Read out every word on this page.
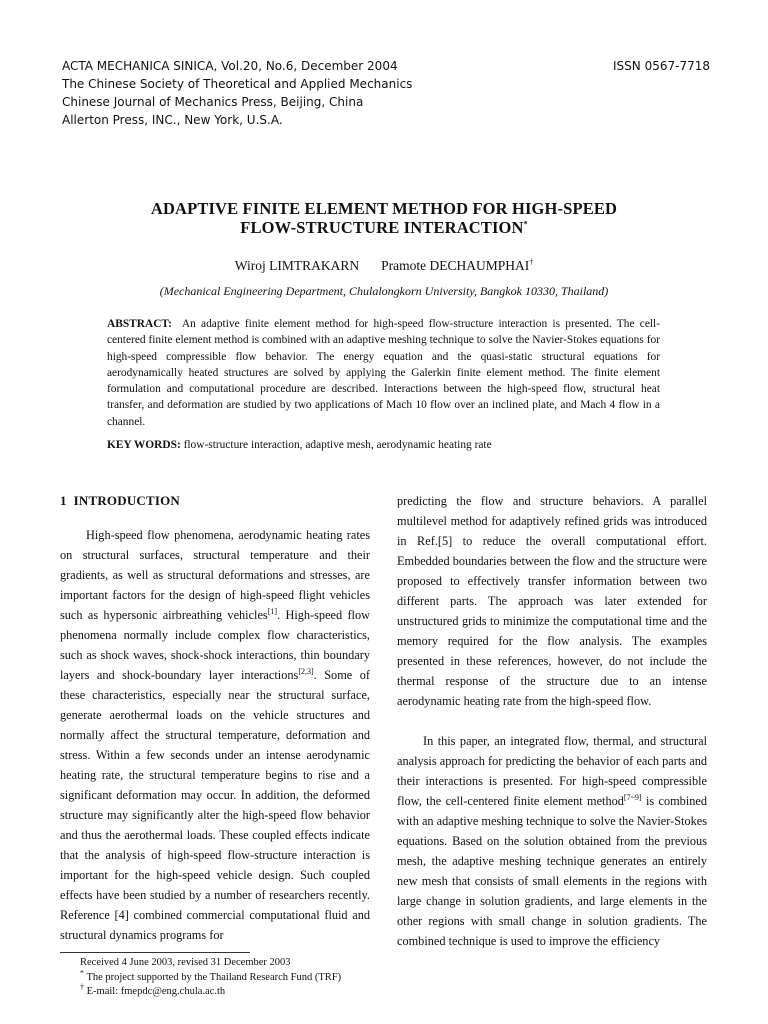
ACTA MECHANICA SINICA, Vol.20, No.6, December 2004	ISSN 0567-7718
The Chinese Society of Theoretical and Applied Mechanics
Chinese Journal of Mechanics Press, Beijing, China
Allerton Press, INC., New York, U.S.A.
ADAPTIVE FINITE ELEMENT METHOD FOR HIGH-SPEED
FLOW-STRUCTURE INTERACTION*
Wiroj LIMTRAKARN Pramote DECHAUMPHAI†
(Mechanical Engineering Department, Chulalongkorn University, Bangkok 10330, Thailand)
ABSTRACT: An adaptive finite element method for high-speed flow-structure interaction is presented. The cell-centered finite element method is combined with an adaptive meshing technique to solve the Navier-Stokes equations for high-speed compressible flow behavior. The energy equation and the quasi-static structural equations for aerodynamically heated structures are solved by applying the Galerkin finite element method. The finite element formulation and computational procedure are described. Interactions between the high-speed flow, structural heat transfer, and deformation are studied by two applications of Mach 10 flow over an inclined plate, and Mach 4 flow in a channel.
KEY WORDS: flow-structure interaction, adaptive mesh, aerodynamic heating rate
1 INTRODUCTION

High-speed flow phenomena, aerodynamic heating rates on structural surfaces, structural temperature and their gradients, as well as structural deformations and stresses, are important factors for the design of high-speed flight vehicles such as hypersonic airbreathing vehicles[1]. High-speed flow phenomena normally include complex flow characteristics, such as shock waves, shock-shock interactions, thin boundary layers and shock-boundary layer interactions[2,3]. Some of these characteristics, especially near the structural surface, generate aerothermal loads on the vehicle structures and normally affect the structural temperature, deformation and stress. Within a few seconds under an intense aerodynamic heating rate, the structural temperature begins to rise and a significant deformation may occur. In addition, the deformed structure may significantly alter the high-speed flow behavior and thus the aerothermal loads. These coupled effects indicate that the analysis of high-speed flow-structure interaction is important for the high-speed vehicle design. Such coupled effects have been studied by a number of researchers recently. Reference [4] combined commercial computational fluid and structural dynamics programs for

predicting the flow and structure behaviors. A parallel multilevel method for adaptively refined grids was introduced in Ref.[5] to reduce the overall computational effort. Embedded boundaries between the flow and the structure were proposed to effectively transfer information between two different parts. The approach was later extended for unstructured grids to minimize the computational time and the memory required for the flow analysis. The examples presented in these references, however, do not include the thermal response of the structure due to an intense aerodynamic heating rate from the high-speed flow.

In this paper, an integrated flow, thermal, and structural analysis approach for predicting the behavior of each parts and their interactions is presented. For high-speed compressible flow, the cell-centered finite element method[7~9] is combined with an adaptive meshing technique to solve the Navier-Stokes equations. Based on the solution obtained from the previous mesh, the adaptive meshing technique generates an entirely new mesh that consists of small elements in the regions with large change in solution gradients, and large elements in the other regions with small change in solution gradients. The combined technique is used to improve the efficiency

Received 4 June 2003, revised 31 December 2003
* The project supported by the Thailand Research Fund (TRF)
† E-mail: fmepdc@eng.chula.ac.th
